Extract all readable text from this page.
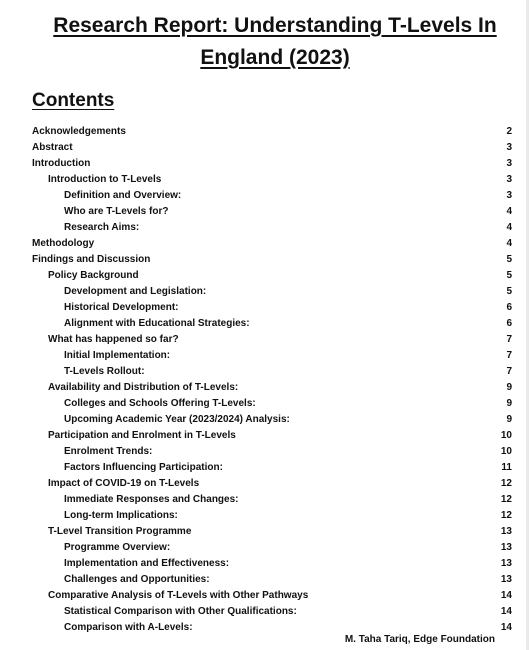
Research Report: Understanding T-Levels In
England (2023)
Contents
Acknowledgements	2
Abstract	3
Introduction	3
Introduction to T-Levels	3
Definition and Overview:	3
Who are T-Levels for?	4
Research Aims:	4
Methodology	4
Findings and Discussion	5
Policy Background	5
Development and Legislation:	5
Historical Development:	6
Alignment with Educational Strategies:	6
What has happened so far?	7
Initial Implementation:	7
T-Levels Rollout:	7
Availability and Distribution of T-Levels:	9
Colleges and Schools Offering T-Levels:	9
Upcoming Academic Year (2023/2024) Analysis:	9
Participation and Enrolment in T-Levels	10
Enrolment Trends:	10
Factors Influencing Participation:	11
Impact of COVID-19 on T-Levels	12
Immediate Responses and Changes:	12
Long-term Implications:	12
T-Level Transition Programme	13
Programme Overview:	13
Implementation and Effectiveness:	13
Challenges and Opportunities:	13
Comparative Analysis of T-Levels with Other Pathways	14
Statistical Comparison with Other Qualifications:	14
Comparison with A-Levels:	14
M. Taha Tariq, Edge Foundation
